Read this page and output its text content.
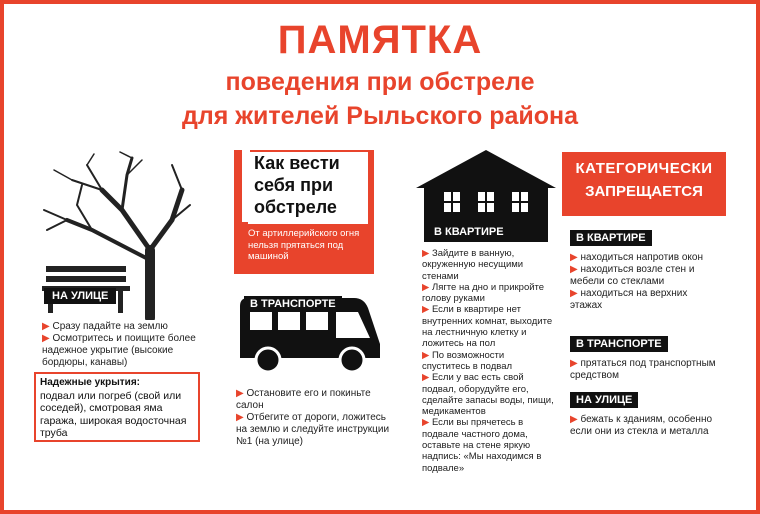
ПАМЯТКА
поведения при обстреле
для жителей Рыльского района
НА УЛИЦЕ
▶ Сразу падайте на землю
▶ Осмотритесь и поищите более надежное укрытие (высокие бордюры, канавы)
Надежные укрытия:
подвал или погреб (свой или соседей), смотровая яма гаража, широкая водосточная труба
Как вести
себя при
обстреле
От артиллерийского огня нельзя прятаться под машиной
В ТРАНСПОРТЕ
▶ Остановите его и покиньте салон
▶ Отбегите от дороги, ложитесь на землю и следуйте инструкции №1 (на улице)
В КВАРТИРЕ
▶ Зайдите в ванную, окруженную несущими стенами
▶ Лягте на дно и прикройте голову руками
▶ Если в квартире нет внутренних комнат, выходите на лестничную клетку и ложитесь на пол
▶ По возможности спуститесь в подвал
▶ Если у вас есть свой подвал, оборудуйте его, сделайте запасы воды, пищи, медикаментов
▶ Если вы прячетесь в подвале частного дома, оставьте на стене яркую надпись: «Мы находимся в подвале»
КАТЕГОРИЧЕСКИ
ЗАПРЕЩАЕТСЯ
В КВАРТИРЕ
▶ находиться напротив окон
▶ находиться возле стен и мебели со стеклами
▶ находиться на верхних этажах
В ТРАНСПОРТЕ
▶ прятаться под транспортным средством
НА УЛИЦЕ
▶ бежать к зданиям, особенно если они из стекла и металла
